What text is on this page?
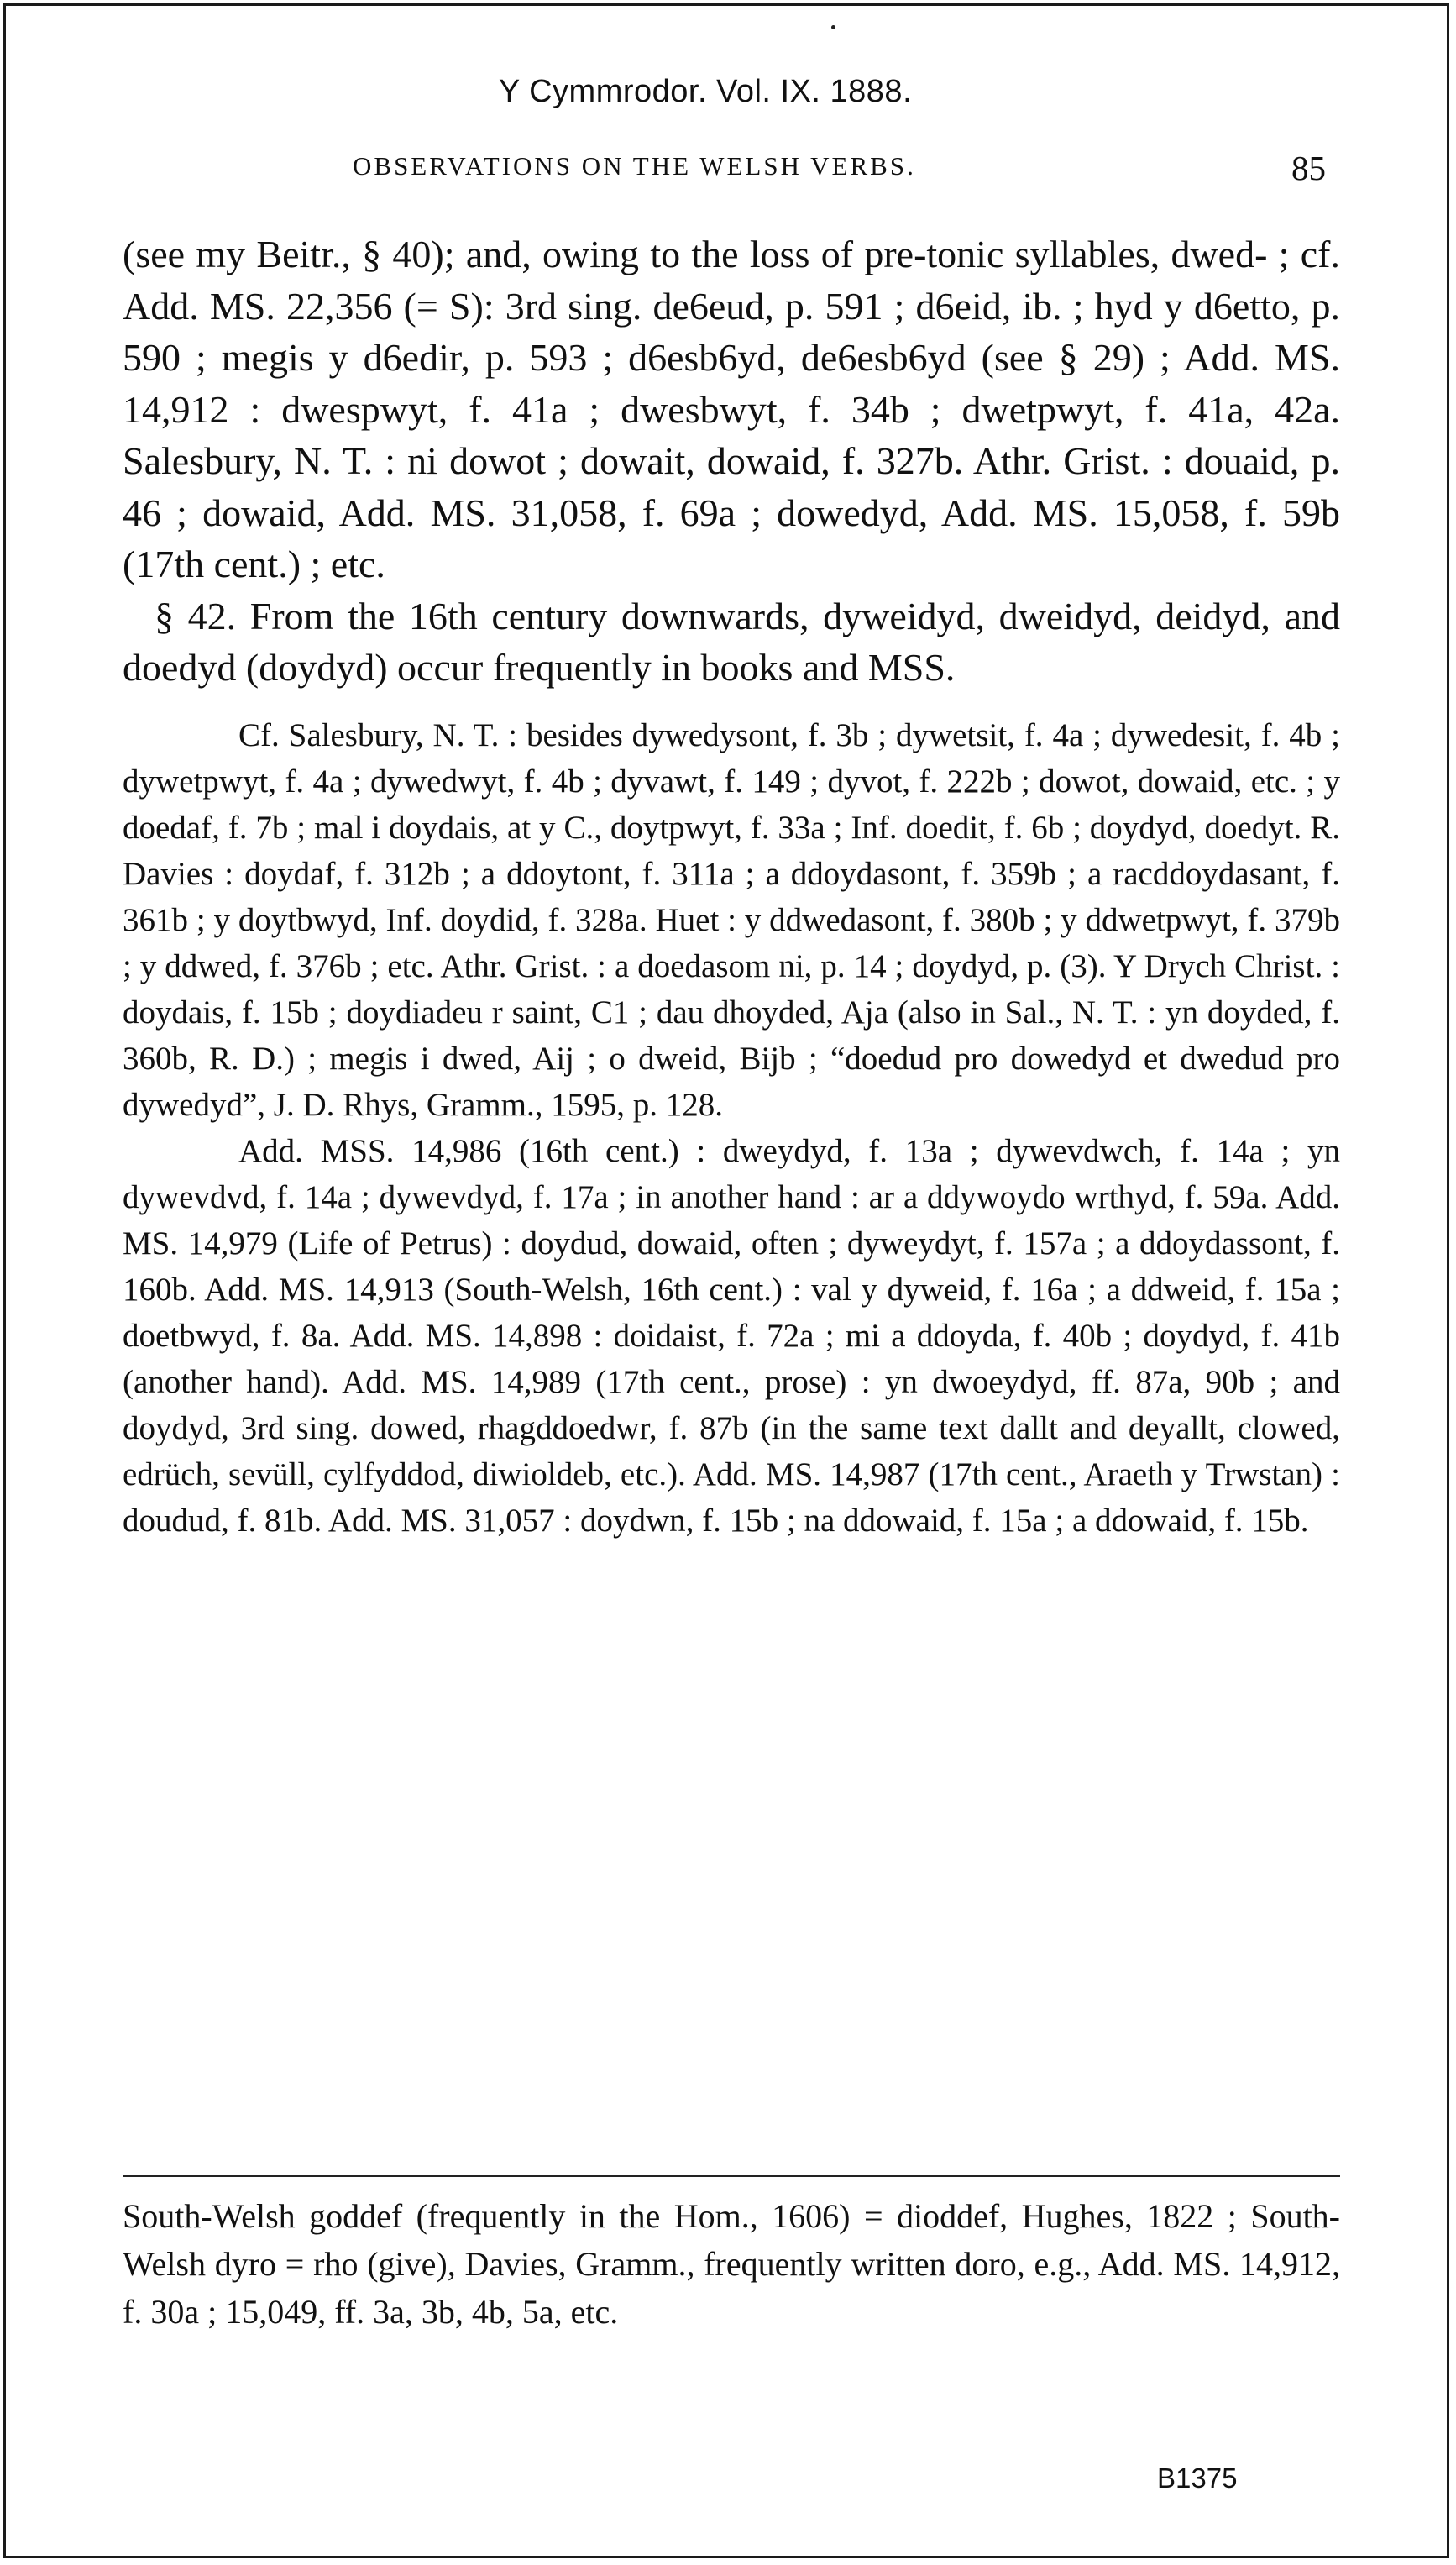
Y Cymmrodor. Vol. IX. 1888.
OBSERVATIONS ON THE WELSH VERBS.	85

(see my Beitr., § 40); and, owing to the loss of pre-tonic syllables, dwed- ; cf. Add. MS. 22,356 (= S): 3rd sing. de6eud, p. 591 ; d6eid, ib. ; hyd y d6etto, p. 590 ; megis y d6edir, p. 593 ; d6esb6yd, de6esb6yd (see § 29) ; Add. MS. 14,912 : dwespwyt, f. 41a ; dwesbwyt, f. 34b ; dwetpwyt, f. 41a, 42a. Salesbury, N. T. : ni dowot ; dowait, dowaid, f. 327b. Athr. Grist. : douaid, p. 46 ; dowaid, Add. MS. 31,058, f. 69a ; dowedyd, Add. MS. 15,058, f. 59b (17th cent.) ; etc.

§ 42. From the 16th century downwards, dyweidyd, dweidyd, deidyd, and doedyd (doydyd) occur frequently in books and MSS.

Cf. Salesbury, N. T. : besides dywedysont, f. 3b ; dywetsit, f. 4a ; dywedesit, f. 4b ; dywetpwyt, f. 4a ; dywedwyt, f. 4b ; dyvawt, f. 149 ; dyvot, f. 222b ; dowot, dowaid, etc. ; y doedaf, f. 7b ; mal i doydais, at y C., doytpwyt, f. 33a ; Inf. doedit, f. 6b ; doydyd, doedyt. R. Davies : doydaf, f. 312b ; a ddoytont, f. 311a ; a ddoydasont, f. 359b ; a racddoydasant, f. 361b ; y doytbwyd, Inf. doydid, f. 328a. Huet : y ddwedasont, f. 380b ; y ddwetpwyt, f. 379b ; y ddwed, f. 376b ; etc. Athr. Grist. : a doedasom ni, p. 14 ; doydyd, p. (3). Y Drych Christ. : doydais, f. 15b ; doydiadeu r saint, C1 ; dau dhoyded, Aja (also in Sal., N. T. : yn doyded, f. 360b, R. D.) ; megis i dwed, Aij ; o dweid, Bijb ; “doedud pro dowedyd et dwedud pro dywedyd”, J. D. Rhys, Gramm., 1595, p. 128.

Add. MSS. 14,986 (16th cent.) : dweydyd, f. 13a ; dywevdwch, f. 14a ; yn dywevdvd, f. 14a ; dywevdyd, f. 17a ; in another hand : ar a ddywoydo wrthyd, f. 59a. Add. MS. 14,979 (Life of Petrus) : doydud, dowaid, often ; dyweydyt, f. 157a ; a ddoydassont, f. 160b. Add. MS. 14,913 (South-Welsh, 16th cent.) : val y dyweid, f. 16a ; a ddweid, f. 15a ; doetbwyd, f. 8a. Add. MS. 14,898 : doidaist, f. 72a ; mi a ddoyda, f. 40b ; doydyd, f. 41b (another hand). Add. MS. 14,989 (17th cent., prose) : yn dwoeydyd, ff. 87a, 90b ; and doydyd, 3rd sing. dowed, rhagddoedwr, f. 87b (in the same text dallt and deyallt, clowed, edrüch, sevüll, cylfyddod, diwioldeb, etc.). Add. MS. 14,987 (17th cent., Araeth y Trwstan) : doudud, f. 81b. Add. MS. 31,057 : doydwn, f. 15b ; na ddowaid, f. 15a ; a ddowaid, f. 15b.

South-Welsh goddef (frequently in the Hom., 1606) = dioddef, Hughes, 1822 ; South-Welsh dyro = rho (give), Davies, Gramm., frequently written doro, e.g., Add. MS. 14,912, f. 30a ; 15,049, ff. 3a, 3b, 4b, 5a, etc.

B1375
